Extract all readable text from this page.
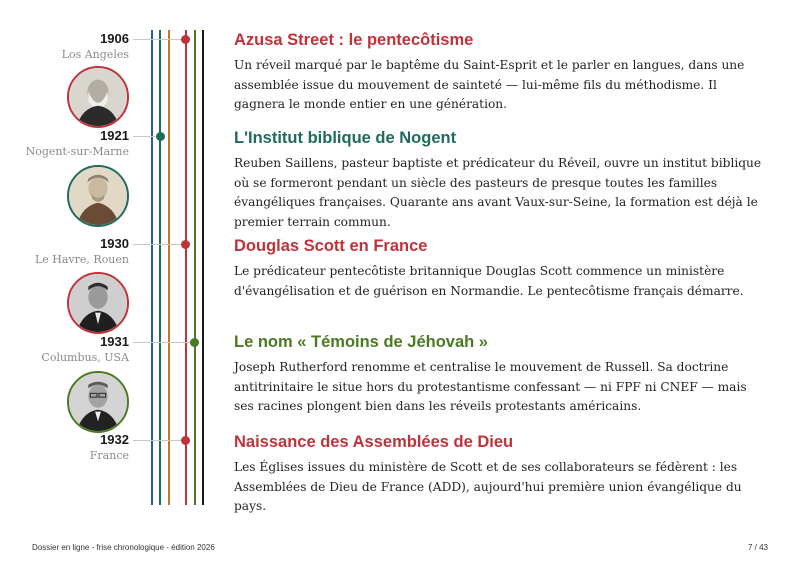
1906
Los Angeles
1921
Nogent-sur-Marne
1930
Le Havre, Rouen
1931
Columbus, USA
1932
France
Azusa Street : le pentecôtisme

Un réveil marqué par le baptême du Saint-Esprit et le parler en langues, dans une assemblée issue du mouvement de sainteté — lui-même fils du méthodisme. Il gagnera le monde entier en une génération.

L'Institut biblique de Nogent

Reuben Saillens, pasteur baptiste et prédicateur du Réveil, ouvre un institut biblique où se formeront pendant un siècle des pasteurs de presque toutes les familles évangéliques françaises. Quarante ans avant Vaux-sur-Seine, la formation est déjà le premier terrain commun.

Douglas Scott en France

Le prédicateur pentecôtiste britannique Douglas Scott commence un ministère d'évangélisation et de guérison en Normandie. Le pentecôtisme français démarre.

Le nom « Témoins de Jéhovah »

Joseph Rutherford renomme et centralise le mouvement de Russell. Sa doctrine antitrinitaire le situe hors du protestantisme confessant — ni FPF ni CNEF — mais ses racines plongent bien dans les réveils protestants américains.

Naissance des Assemblées de Dieu

Les Églises issues du ministère de Scott et de ses collaborateurs se fédèrent : les Assemblées de Dieu de France (ADD), aujourd'hui première union évangélique du pays.

Dossier en ligne - frise chronologique - édition 2026	7 / 43
